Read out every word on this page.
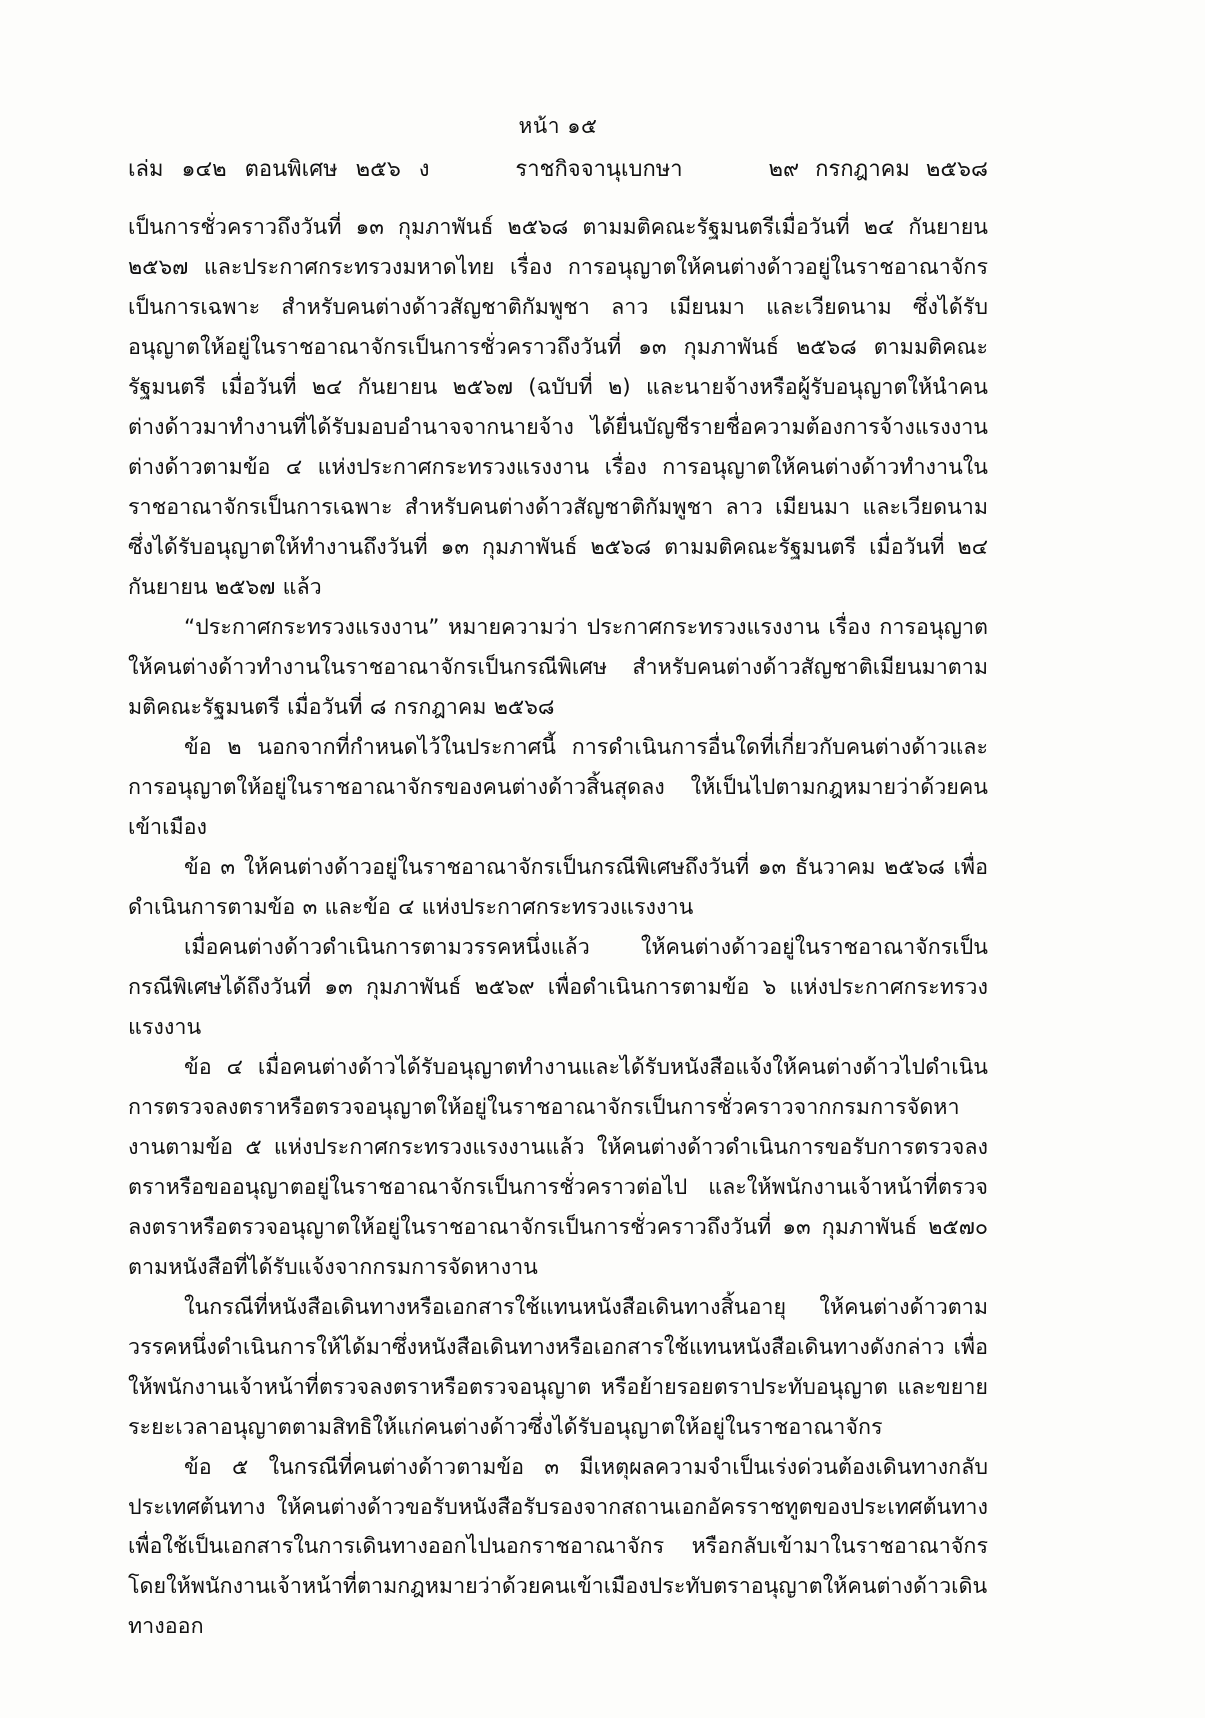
หน้า ๑๕
เล่ม ๑๔๒ ตอนพิเศษ ๒๕๖ ง	ราชกิจจานุเบกษา	๒๙ กรกฎาคม ๒๕๖๘

เป็นการชั่วคราวถึงวันที่ ๑๓ กุมภาพันธ์ ๒๕๖๘ ตามมติคณะรัฐมนตรีเมื่อวันที่ ๒๔ กันยายน ๒๕๖๗ และประกาศกระทรวงมหาดไทย เรื่อง การอนุญาตให้คนต่างด้าวอยู่ในราชอาณาจักรเป็นการเฉพาะ สำหรับคนต่างด้าวสัญชาติกัมพูชา ลาว เมียนมา และเวียดนาม ซึ่งได้รับอนุญาตให้อยู่ในราชอาณาจักรเป็นการชั่วคราวถึงวันที่ ๑๓ กุมภาพันธ์ ๒๕๖๘ ตามมติคณะรัฐมนตรี เมื่อวันที่ ๒๔ กันยายน ๒๕๖๗ (ฉบับที่ ๒) และนายจ้างหรือผู้รับอนุญาตให้นำคนต่างด้าวมาทำงานที่ได้รับมอบอำนาจจากนายจ้าง ได้ยื่นบัญชีรายชื่อความต้องการจ้างแรงงานต่างด้าวตามข้อ ๔ แห่งประกาศกระทรวงแรงงาน เรื่อง การอนุญาตให้คนต่างด้าวทำงานในราชอาณาจักรเป็นการเฉพาะ สำหรับคนต่างด้าวสัญชาติกัมพูชา ลาว เมียนมา และเวียดนาม ซึ่งได้รับอนุญาตให้ทำงานถึงวันที่ ๑๓ กุมภาพันธ์ ๒๕๖๘ ตามมติคณะรัฐมนตรี เมื่อวันที่ ๒๔ กันยายน ๒๕๖๗ แล้ว

“ประกาศกระทรวงแรงงาน” หมายความว่า ประกาศกระทรวงแรงงาน เรื่อง การอนุญาตให้คนต่างด้าวทำงานในราชอาณาจักรเป็นกรณีพิเศษ สำหรับคนต่างด้าวสัญชาติเมียนมาตามมติคณะรัฐมนตรี เมื่อวันที่ ๘ กรกฎาคม ๒๕๖๘

ข้อ ๒ นอกจากที่กำหนดไว้ในประกาศนี้ การดำเนินการอื่นใดที่เกี่ยวกับคนต่างด้าวและการอนุญาตให้อยู่ในราชอาณาจักรของคนต่างด้าวสิ้นสุดลง ให้เป็นไปตามกฎหมายว่าด้วยคนเข้าเมือง

ข้อ ๓ ให้คนต่างด้าวอยู่ในราชอาณาจักรเป็นกรณีพิเศษถึงวันที่ ๑๓ ธันวาคม ๒๕๖๘ เพื่อดำเนินการตามข้อ ๓ และข้อ ๔ แห่งประกาศกระทรวงแรงงาน

เมื่อคนต่างด้าวดำเนินการตามวรรคหนึ่งแล้ว ให้คนต่างด้าวอยู่ในราชอาณาจักรเป็นกรณีพิเศษได้ถึงวันที่ ๑๓ กุมภาพันธ์ ๒๕๖๙ เพื่อดำเนินการตามข้อ ๖ แห่งประกาศกระทรวงแรงงาน

ข้อ ๔ เมื่อคนต่างด้าวได้รับอนุญาตทำงานและได้รับหนังสือแจ้งให้คนต่างด้าวไปดำเนินการตรวจลงตราหรือตรวจอนุญาตให้อยู่ในราชอาณาจักรเป็นการชั่วคราวจากกรมการจัดหางานตามข้อ ๕ แห่งประกาศกระทรวงแรงงานแล้ว ให้คนต่างด้าวดำเนินการขอรับการตรวจลงตราหรือขออนุญาตอยู่ในราชอาณาจักรเป็นการชั่วคราวต่อไป และให้พนักงานเจ้าหน้าที่ตรวจลงตราหรือตรวจอนุญาตให้อยู่ในราชอาณาจักรเป็นการชั่วคราวถึงวันที่ ๑๓ กุมภาพันธ์ ๒๕๗๐ ตามหนังสือที่ได้รับแจ้งจากกรมการจัดหางาน

ในกรณีที่หนังสือเดินทางหรือเอกสารใช้แทนหนังสือเดินทางสิ้นอายุ ให้คนต่างด้าวตามวรรคหนึ่งดำเนินการให้ได้มาซึ่งหนังสือเดินทางหรือเอกสารใช้แทนหนังสือเดินทางดังกล่าว เพื่อให้พนักงานเจ้าหน้าที่ตรวจลงตราหรือตรวจอนุญาต หรือย้ายรอยตราประทับอนุญาต และขยายระยะเวลาอนุญาตตามสิทธิให้แก่คนต่างด้าวซึ่งได้รับอนุญาตให้อยู่ในราชอาณาจักร

ข้อ ๕ ในกรณีที่คนต่างด้าวตามข้อ ๓ มีเหตุผลความจำเป็นเร่งด่วนต้องเดินทางกลับประเทศต้นทาง ให้คนต่างด้าวขอรับหนังสือรับรองจากสถานเอกอัครราชทูตของประเทศต้นทางเพื่อใช้เป็นเอกสารในการเดินทางออกไปนอกราชอาณาจักร หรือกลับเข้ามาในราชอาณาจักรโดยให้พนักงานเจ้าหน้าที่ตามกฎหมายว่าด้วยคนเข้าเมืองประทับตราอนุญาตให้คนต่างด้าวเดินทางออก
